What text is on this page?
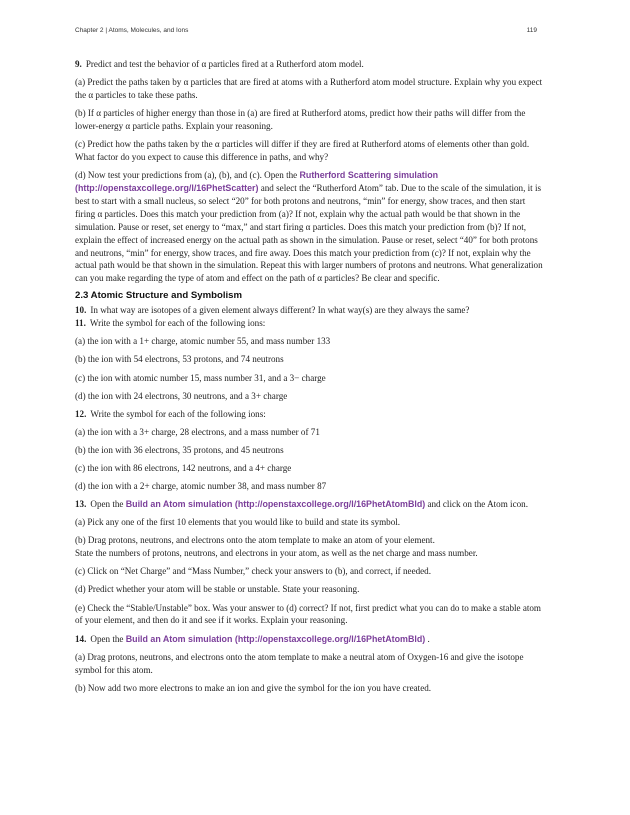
Chapter 2 | Atoms, Molecules, and Ions	119

9. Predict and test the behavior of α particles fired at a Rutherford atom model.

(a) Predict the paths taken by α particles that are fired at atoms with a Rutherford atom model structure. Explain why you expect the α particles to take these paths.

(b) If α particles of higher energy than those in (a) are fired at Rutherford atoms, predict how their paths will differ from the lower-energy α particle paths. Explain your reasoning.

(c) Predict how the paths taken by the α particles will differ if they are fired at Rutherford atoms of elements other than gold. What factor do you expect to cause this difference in paths, and why?

(d) Now test your predictions from (a), (b), and (c). Open the Rutherford Scattering simulation (http://openstaxcollege.org/l/16PhetScatter) and select the “Rutherford Atom” tab. Due to the scale of the simulation, it is best to start with a small nucleus, so select “20” for both protons and neutrons, “min” for energy, show traces, and then start firing α particles. Does this match your prediction from (a)? If not, explain why the actual path would be that shown in the simulation. Pause or reset, set energy to “max,” and start firing α particles. Does this match your prediction from (b)? If not, explain the effect of increased energy on the actual path as shown in the simulation. Pause or reset, select “40” for both protons and neutrons, “min” for energy, show traces, and fire away. Does this match your prediction from (c)? If not, explain why the actual path would be that shown in the simulation. Repeat this with larger numbers of protons and neutrons. What generalization can you make regarding the type of atom and effect on the path of α particles? Be clear and specific.

2.3 Atomic Structure and Symbolism

10. In what way are isotopes of a given element always different? In what way(s) are they always the same?

11. Write the symbol for each of the following ions:

(a) the ion with a 1+ charge, atomic number 55, and mass number 133

(b) the ion with 54 electrons, 53 protons, and 74 neutrons

(c) the ion with atomic number 15, mass number 31, and a 3− charge

(d) the ion with 24 electrons, 30 neutrons, and a 3+ charge

12. Write the symbol for each of the following ions:

(a) the ion with a 3+ charge, 28 electrons, and a mass number of 71

(b) the ion with 36 electrons, 35 protons, and 45 neutrons

(c) the ion with 86 electrons, 142 neutrons, and a 4+ charge

(d) the ion with a 2+ charge, atomic number 38, and mass number 87

13. Open the Build an Atom simulation (http://openstaxcollege.org/l/16PhetAtomBld) and click on the Atom icon.

(a) Pick any one of the first 10 elements that you would like to build and state its symbol.

(b) Drag protons, neutrons, and electrons onto the atom template to make an atom of your element.
State the numbers of protons, neutrons, and electrons in your atom, as well as the net charge and mass number.

(c) Click on “Net Charge” and “Mass Number,” check your answers to (b), and correct, if needed.

(d) Predict whether your atom will be stable or unstable. State your reasoning.

(e) Check the “Stable/Unstable” box. Was your answer to (d) correct? If not, first predict what you can do to make a stable atom of your element, and then do it and see if it works. Explain your reasoning.

14. Open the Build an Atom simulation (http://openstaxcollege.org/l/16PhetAtomBld) .

(a) Drag protons, neutrons, and electrons onto the atom template to make a neutral atom of Oxygen-16 and give the isotope symbol for this atom.

(b) Now add two more electrons to make an ion and give the symbol for the ion you have created.
